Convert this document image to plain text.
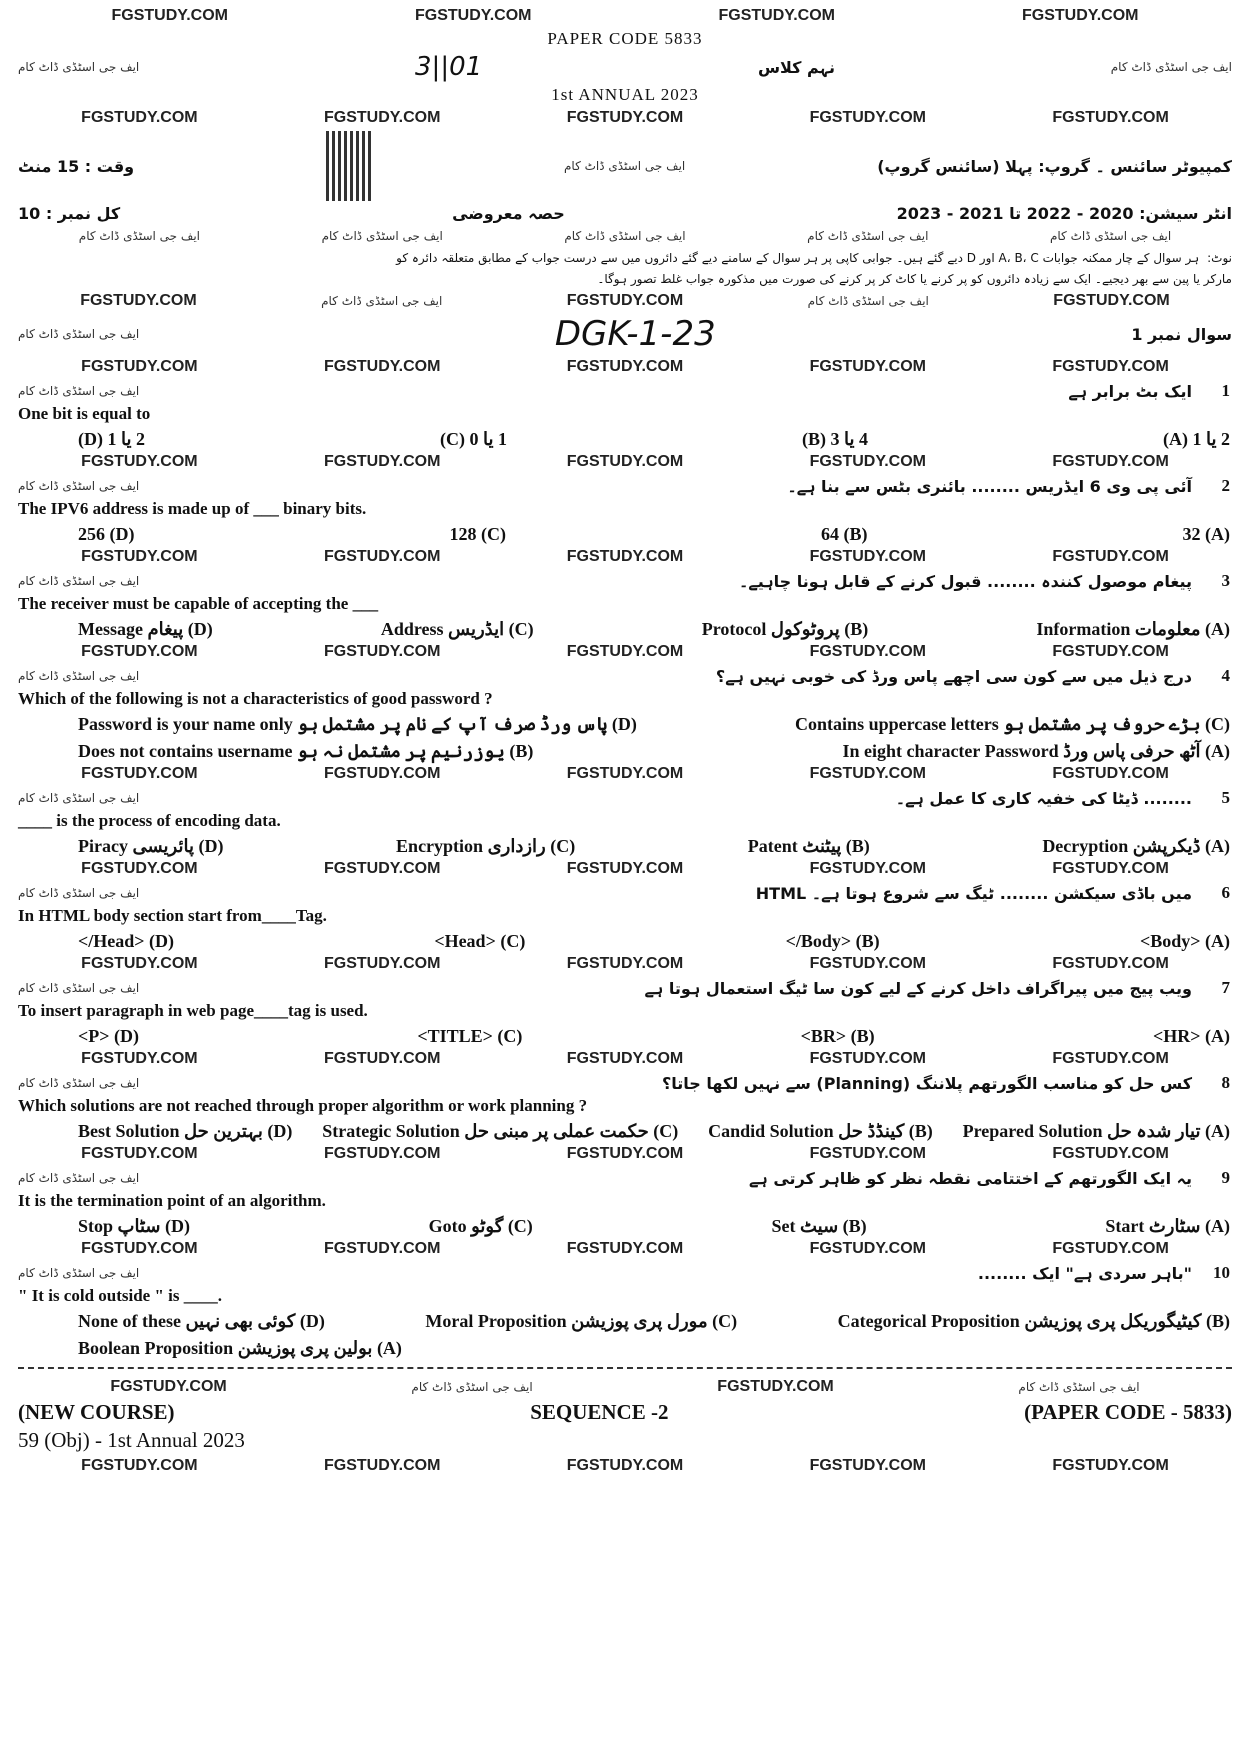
FGSTUDY.COM	FGSTUDY.COM	FGSTUDY.COM	FGSTUDY.COM
PAPER CODE 5833
ایف جی اسٹڈی ڈاٹ کام	3||01	نہم کلاس	ایف جی اسٹڈی ڈاٹ کام
1st ANNUAL 2023
FGSTUDY.COM	FGSTUDY.COM	FGSTUDY.COM	FGSTUDY.COM	FGSTUDY.COM
وقت : 15 منٹ	ایف جی اسٹڈی ڈاٹ کام	کمپیوٹر سائنس ۔ گروپ: پہلا (سائنس گروپ)
کل نمبر : 10	حصہ معروضی	انٹر سیشن: 2020 - 2022 تا 2021 - 2023
ایف جی اسٹڈی ڈاٹ کام	ایف جی اسٹڈی ڈاٹ کام	ایف جی اسٹڈی ڈاٹ کام	ایف جی اسٹڈی ڈاٹ کام	ایف جی اسٹڈی ڈاٹ کام
نوٹ:ہر سوال کے چار ممکنہ جوابات A، B، C اور D دیے گئے ہیں۔ جوابی کاپی پر ہر سوال کے سامنے دیے گئے دائروں میں سے درست جواب کے مطابق متعلقہ دائرہ کو
مارکر یا پین سے بھر دیجیے۔ ایک سے زیادہ دائروں کو پر کرنے یا کاٹ کر پر کرنے کی صورت میں مذکورہ جواب غلط تصور ہوگا۔
FGSTUDY.COM	ایف جی اسٹڈی ڈاٹ کام	FGSTUDY.COM	ایف جی اسٹڈی ڈاٹ کام	FGSTUDY.COM
ایف جی اسٹڈی ڈاٹ کام	DGK-1-23	سوال نمبر 1
FGSTUDY.COM	FGSTUDY.COM	FGSTUDY.COM	FGSTUDY.COM	FGSTUDY.COM
ایف جی اسٹڈی ڈاٹ کام	ایک بٹ برابر ہے	1
One bit is equal to
2 یا 1 (D)	1 یا 0 (C)	4 یا 3 (B)	2 یا 1 (A)
FGSTUDY.COM	FGSTUDY.COM	FGSTUDY.COM	FGSTUDY.COM	FGSTUDY.COM
ایف جی اسٹڈی ڈاٹ کام	آئی پی وی 6 ایڈریس ........ بائنری بٹس سے بنا ہے۔	2
The IPV6 address is made up of ___ binary bits.
256 (D)	128 (C)	64 (B)	32 (A)
FGSTUDY.COM	FGSTUDY.COM	FGSTUDY.COM	FGSTUDY.COM	FGSTUDY.COM
ایف جی اسٹڈی ڈاٹ کام	پیغام موصول کنندہ ........ قبول کرنے کے قابل ہونا چاہیے۔	3
The receiver must be capable of accepting the ___
Message پیغام (D)	Address ایڈریس (C)	Protocol پروٹوکول (B)	Information معلومات (A)
FGSTUDY.COM	FGSTUDY.COM	FGSTUDY.COM	FGSTUDY.COM	FGSTUDY.COM
ایف جی اسٹڈی ڈاٹ کام	درج ذیل میں سے کون سی اچھے پاس ورڈ کی خوبی نہیں ہے؟	4
Which of the following is not a characteristics of good password ?
Password is your name only پاس ورڈ صرف آپ کے نام پر مشتمل ہو (D)	Contains uppercase letters بڑے حروف پر مشتمل ہو (C)
Does not contains username یوزرنیم پر مشتمل نہ ہو (B)	In eight character Password آٹھ حرفی پاس ورڈ (A)
FGSTUDY.COM	FGSTUDY.COM	FGSTUDY.COM	FGSTUDY.COM	FGSTUDY.COM
ایف جی اسٹڈی ڈاٹ کام	........ ڈیٹا کی خفیہ کاری کا عمل ہے۔	5
____ is the process of encoding data.
Piracy پائریسی (D)	Encryption رازداری (C)	Patent پیٹنٹ (B)	Decryption ڈیکرپشن (A)
FGSTUDY.COM	FGSTUDY.COM	FGSTUDY.COM	FGSTUDY.COM	FGSTUDY.COM
ایف جی اسٹڈی ڈاٹ کام	HTML میں باڈی سیکشن ........ ٹیگ سے شروع ہوتا ہے۔	6
In HTML body section start from____Tag.
</Head> (D)	<Head> (C)	</Body> (B)	<Body> (A)
FGSTUDY.COM	FGSTUDY.COM	FGSTUDY.COM	FGSTUDY.COM	FGSTUDY.COM
ایف جی اسٹڈی ڈاٹ کام	ویب پیج میں پیراگراف داخل کرنے کے لیے کون سا ٹیگ استعمال ہوتا ہے	7
To insert paragraph in web page____tag is used.
<P> (D)	<TITLE> (C)	<BR> (B)	<HR> (A)
FGSTUDY.COM	FGSTUDY.COM	FGSTUDY.COM	FGSTUDY.COM	FGSTUDY.COM
ایف جی اسٹڈی ڈاٹ کام	کس حل کو مناسب الگورتھم پلاننگ (Planning) سے نہیں لکھا جاتا؟	8
Which solutions are not reached through proper algorithm or work planning ?
Best Solution بہترین حل (D) Strategic Solution حکمت عملی پر مبنی حل (C) Candid Solution کینڈڈ حل (B) Prepared Solution تیار شدہ حل (A)
FGSTUDY.COM	FGSTUDY.COM	FGSTUDY.COM	FGSTUDY.COM	FGSTUDY.COM
ایف جی اسٹڈی ڈاٹ کام	یہ ایک الگورتھم کے اختتامی نقطہ نظر کو ظاہر کرتی ہے	9
It is the termination point of an algorithm.
Stop سٹاپ (D)	Goto گوٹو (C)	Set سیٹ (B)	Start سٹارٹ (A)
FGSTUDY.COM	FGSTUDY.COM	FGSTUDY.COM	FGSTUDY.COM	FGSTUDY.COM
ایف جی اسٹڈی ڈاٹ کام	"باہر سردی ہے" ایک ........	10
" It is cold outside " is ____.
None of these کوئی بھی نہیں (D)	Moral Proposition مورل پری پوزیشن (C)	Categorical Proposition کیٹیگوریکل پری پوزیشن (B)
Boolean Proposition بولین پری پوزیشن (A)
FGSTUDY.COM	ایف جی اسٹڈی ڈاٹ کام	FGSTUDY.COM	ایف جی اسٹڈی ڈاٹ کام
(NEW COURSE)	SEQUENCE -2	(PAPER CODE - 5833)
59 (Obj) - 1st Annual 2023
FGSTUDY.COM	FGSTUDY.COM	FGSTUDY.COM	FGSTUDY.COM	FGSTUDY.COM
